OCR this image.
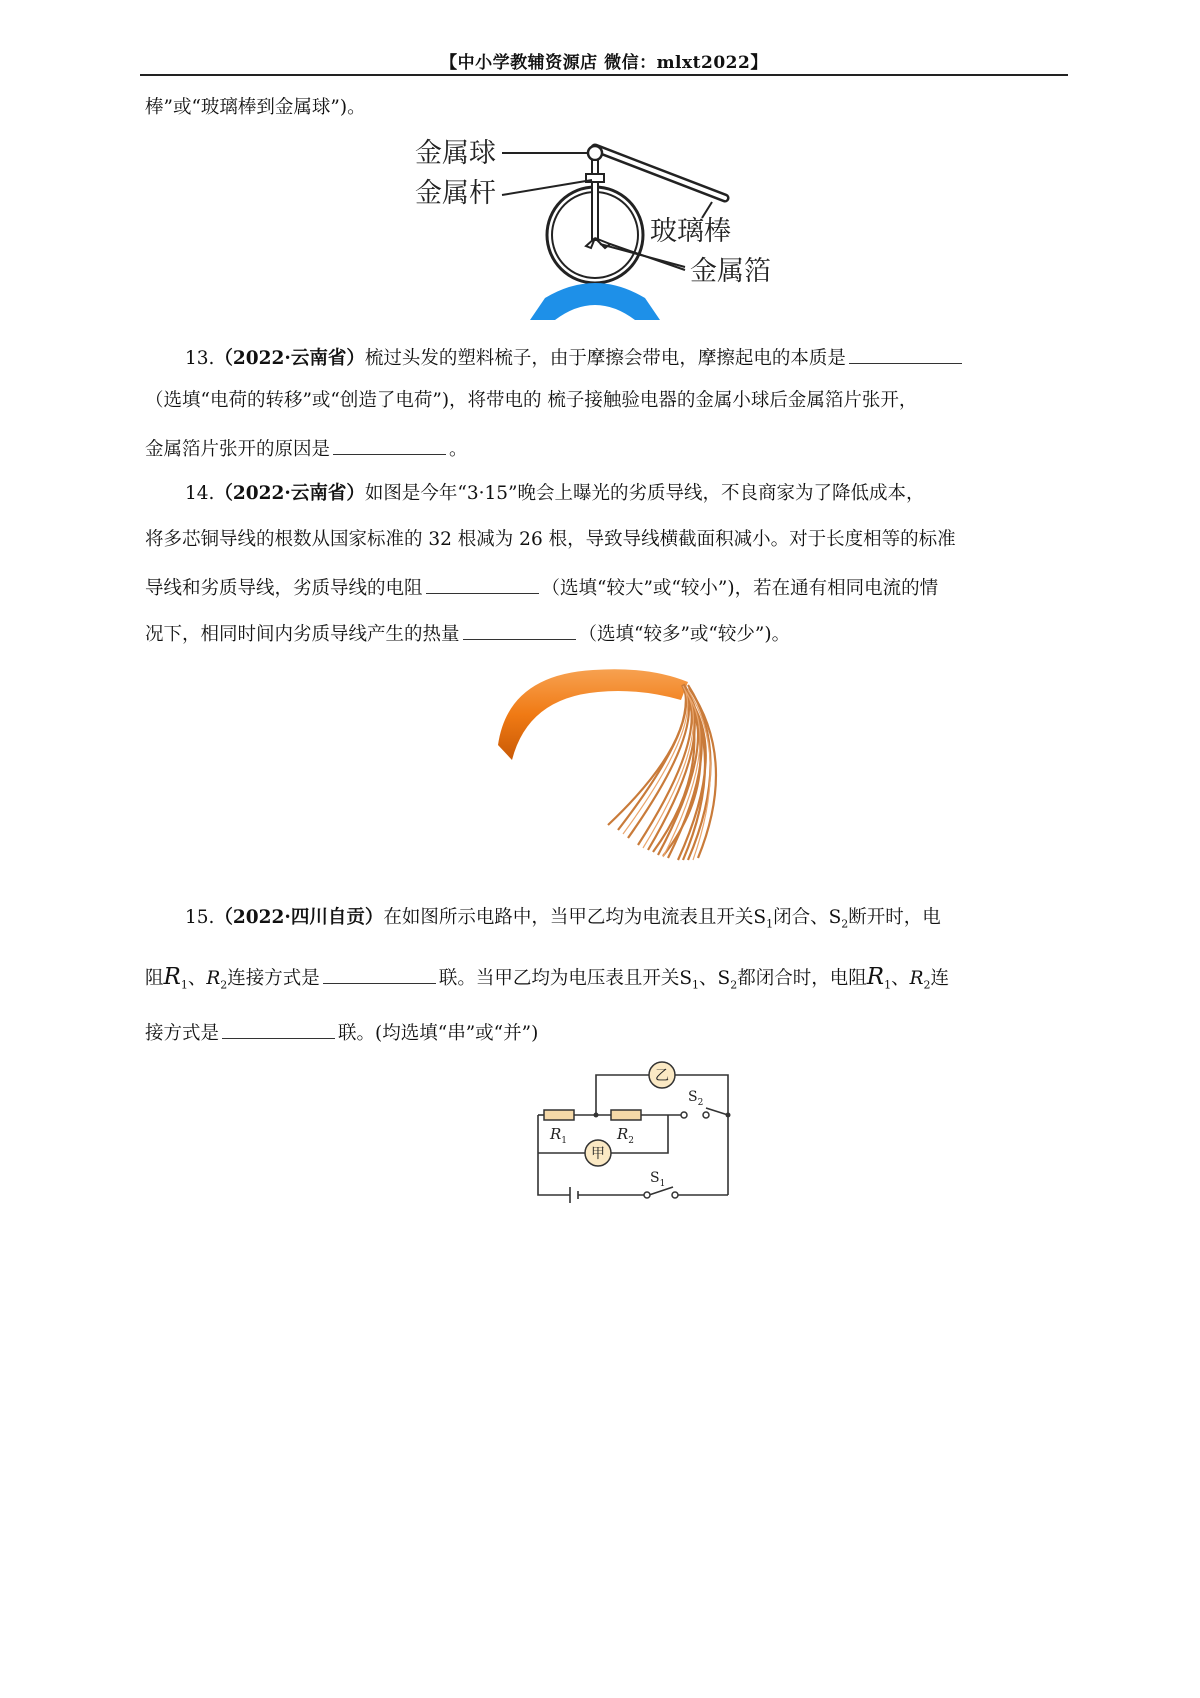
【中小学教辅资源店 微信：mlxt2022】
棒”或“玻璃棒到金属球”)。
金属球
金属杆
玻璃棒
金属箔
13.（2022·云南省）梳过头发的塑料梳子，由于摩擦会带电，摩擦起电的本质是
（选填“电荷的转移”或“创造了电荷”)，将带电的 梳子接触验电器的金属小球后金属箔片张开，
金属箔片张开的原因是	。
14.（2022·云南省）如图是今年“3·15”晚会上曝光的劣质导线，不良商家为了降低成本，
将多芯铜导线的根数从国家标准的 32 根减为 26 根，导致导线横截面积减小。对于长度相等的标准
导线和劣质导线，劣质导线的电阻	（选填“较大”或“较小”)，若在通有相同电流的情
况下，相同时间内劣质导线产生的热量	（选填“较多”或“较少”)。
15.（2022·四川自贡）在如图所示电路中，当甲乙均为电流表且开关$S_1$闭合、$S_2$断开时，电
阻$R_1$、$R_2$连接方式是	联。当甲乙均为电压表且开关$S_1$、$S_2$都闭合时，电阻$R_1$、$R_2$连
接方式是	联。(均选填“串”或“并”)
乙
甲
$R_1$	$R_2$
$S_2$
$S_1$
